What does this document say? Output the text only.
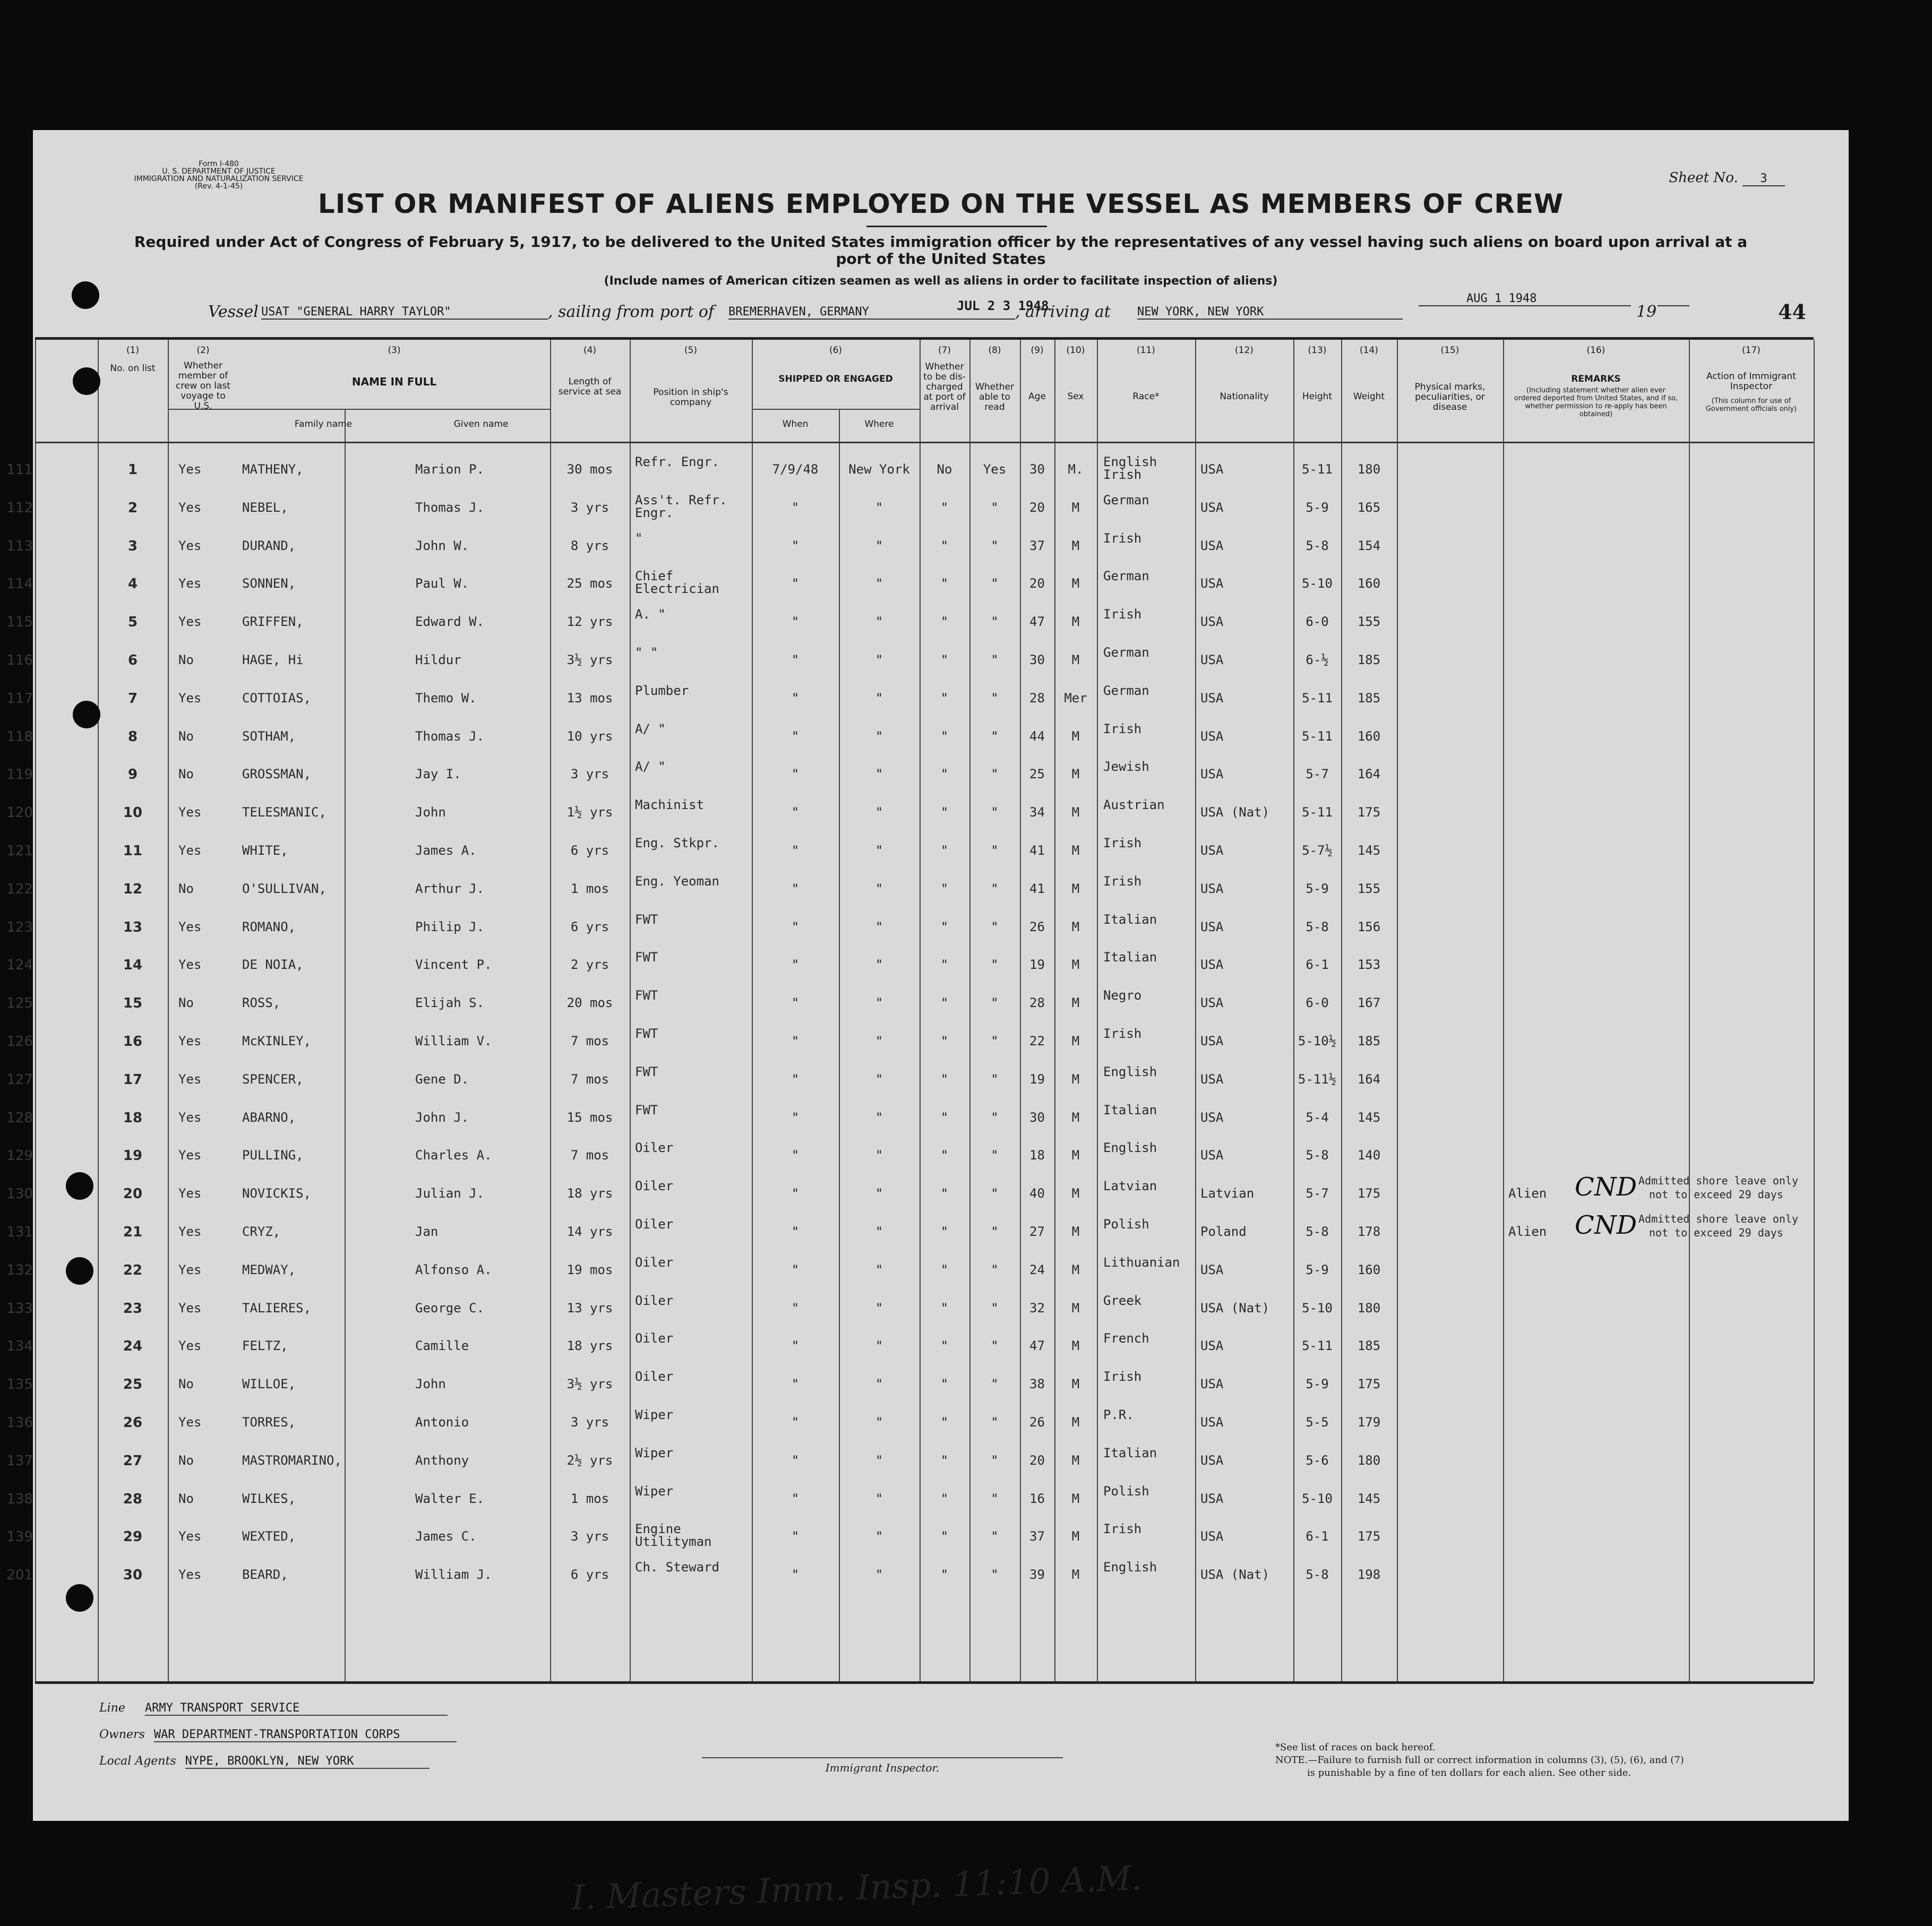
Form I-480
U. S. DEPARTMENT OF JUSTICE
IMMIGRATION AND NATURALIZATION SERVICE
(Rev. 4-1-45)
Sheet No. 3
LIST OR MANIFEST OF ALIENS EMPLOYED ON THE VESSEL AS MEMBERS OF CREW
Required under Act of Congress of February 5, 1917, to be delivered to the United States immigration officer by the representatives of any vessel having such aliens on board upon arrival at a port of the United States
(Include names of American citizen seamen as well as aliens in order to facilitate inspection of aliens)
Vessel USAT "GENERAL HARRY TAYLOR"	, sailing from port of BREMERHAVEN, GERMANY	JUL 2 3 1948
, arriving at NEW YORK, NEW YORK
AUG 1 1948
19	44
(1)	(2)	(3)	(4)	(5)	(6)	(7)	(8)	(9)	(10)	(11)	(12)	(13)	(14)	(15)	(16)	(17)
No. on list	Whether member of crew on last voyage to U.S.
NAME IN FULL
Family name	Given name
Length of service at sea	Position in ship's company
SHIPPED OR ENGAGED
When	Where
Whether to be dis-charged at port of arrival
Whether able to read
Age	Sex	Race*	Nationality	Height	Weight
Physical marks, peculiarities, or disease
REMARKS
(Including statement whether alien ever ordered deported from United States, and if so, whether permission to re-apply has been obtained)
Action of Immigrant Inspector
(This column for use of Government officials only)
111	1	Yes	MATHENY,	Marion P.	30 mos	Refr. Engr.	7/9/48	New York	No	Yes	30	M.	English Irish	USA	5-11	180
112	2	Yes	NEBEL,	Thomas J.	3 yrs	Ass't. Refr. Engr.	"	"	"	"	20	M	German	USA	5-9	165
113	3	Yes	DURAND,	John W.	8 yrs	"	"	"	"	"	37	M	Irish	USA	5-8	154
114	4	Yes	SONNEN,	Paul W.	25 mos	Chief Electrician	"	"	"	"	20	M	German	USA	5-10	160
115	5	Yes	GRIFFEN,	Edward W.	12 yrs	A. "	"	"	"	"	47	M	Irish	USA	6-0	155
116	6	No	HAGE, Hi	Hildur	3½ yrs	" "	"	"	"	"	30	M	German	USA	6-½	185
117	7	Yes	COTTOIAS,	Themo W.	13 mos	Plumber	"	"	"	"	28	Mer	German	USA	5-11	185
118	8	No	SOTHAM,	Thomas J.	10 yrs	A/ "	"	"	"	"	44	M	Irish	USA	5-11	160
119	9	No	GROSSMAN,	Jay I.	3 yrs	A/ "	"	"	"	"	25	M	Jewish	USA	5-7	164
120	10	Yes	TELESMANIC,	John	1½ yrs	Machinist	"	"	"	"	34	M	Austrian	USA (Nat)	5-11	175
121	11	Yes	WHITE,	James A.	6 yrs	Eng. Stkpr.	"	"	"	"	41	M	Irish	USA	5-7½	145
122	12	No	O'SULLIVAN,	Arthur J.	1 mos	Eng. Yeoman	"	"	"	"	41	M	Irish	USA	5-9	155
123	13	Yes	ROMANO,	Philip J.	6 yrs	FWT	"	"	"	"	26	M	Italian	USA	5-8	156
124	14	Yes	DE NOIA,	Vincent P.	2 yrs	FWT	"	"	"	"	19	M	Italian	USA	6-1	153
125	15	No	ROSS,	Elijah S.	20 mos	FWT	"	"	"	"	28	M	Negro	USA	6-0	167
126	16	Yes	McKINLEY,	William V.	7 mos	FWT	"	"	"	"	22	M	Irish	USA	5-10½	185
127	17	Yes	SPENCER,	Gene D.	7 mos	FWT	"	"	"	"	19	M	English	USA	5-11½	164
128	18	Yes	ABARNO,	John J.	15 mos	FWT	"	"	"	"	30	M	Italian	USA	5-4	145
129	19	Yes	PULLING,	Charles A.	7 mos	Oiler	"	"	"	"	18	M	English	USA	5-8	140
130	20	Yes	NOVICKIS,	Julian J.	18 yrs	Oiler	"	"	"	"	40	M	Latvian	Latvian	5-7	175	Alien CND Admitted shore leave only
not to exceed 29 days
131	21	Yes	CRYZ,	Jan	14 yrs	Oiler	"	"	"	"	27	M	Polish	Poland	5-8	178	Alien CND Admitted shore leave only
not to exceed 29 days
132	22	Yes	MEDWAY,	Alfonso A.	19 mos	Oiler	"	"	"	"	24	M	Lithuanian	USA	5-9	160
133	23	Yes	TALIERES,	George C.	13 yrs	Oiler	"	"	"	"	32	M	Greek	USA (Nat)	5-10	180
134	24	Yes	FELTZ,	Camille	18 yrs	Oiler	"	"	"	"	47	M	French	USA	5-11	185
135	25	No	WILLOE,	John	3½ yrs	Oiler	"	"	"	"	38	M	Irish	USA	5-9	175
136	26	Yes	TORRES,	Antonio	3 yrs	Wiper	"	"	"	"	26	M	P.R.	USA	5-5	179
137	27	No	MASTROMARINO,	Anthony	2½ yrs	Wiper	"	"	"	"	20	M	Italian	USA	5-6	180
138	28	No	WILKES,	Walter E.	1 mos	Wiper	"	"	"	"	16	M	Polish	USA	5-10	145
139	29	Yes	WEXTED,	James C.	3 yrs	Engine Utilityman	"	"	"	"	37	M	Irish	USA	6-1	175
201	30	Yes	BEARD,	William J.	6 yrs	Ch. Steward	"	"	"	"	39	M	English	USA (Nat)	5-8	198
I. Masters Imm. Insp. 11:10 A.M.
Line ARMY TRANSPORT SERVICE
Owners WAR DEPARTMENT-TRANSPORTATION CORPS
Local Agents NYPE, BROOKLYN, NEW YORK	Immigrant Inspector.
*See list of races on back hereof.
NOTE.—Failure to furnish full or correct information in columns (3), (5), (6), and (7)
is punishable by a fine of ten dollars for each alien. See other side.
